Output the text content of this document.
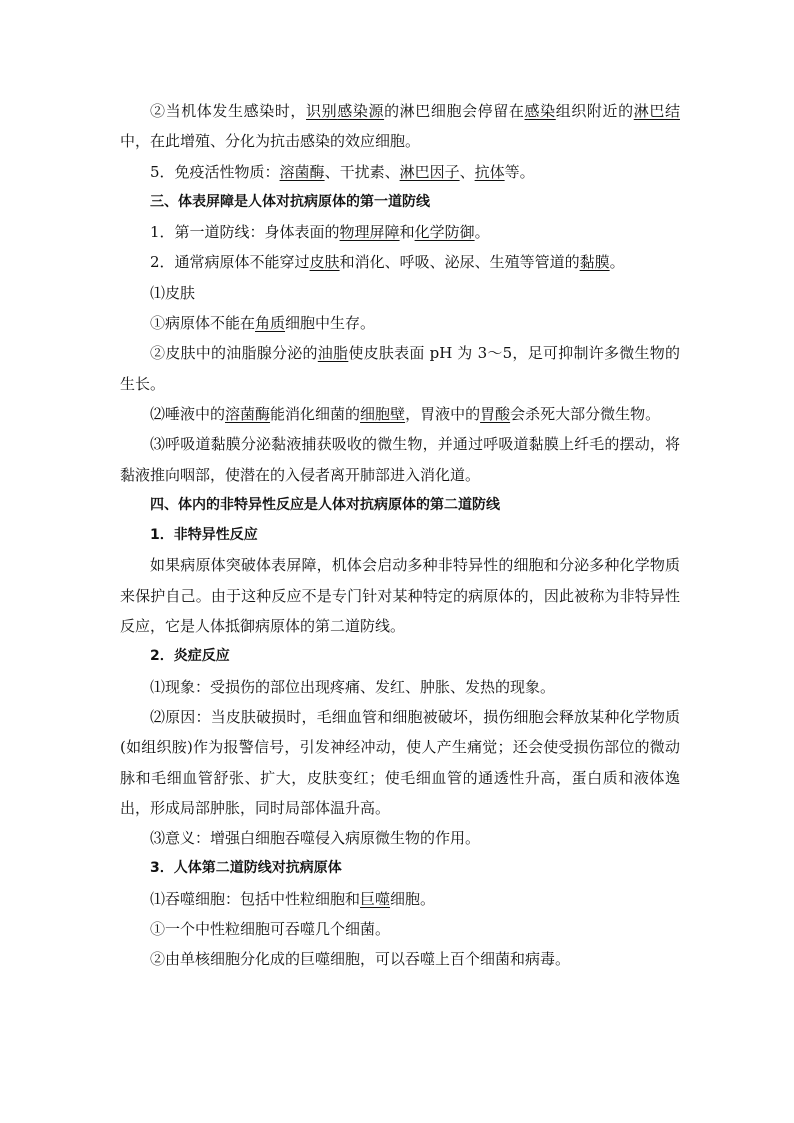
②当机体发生感染时，识别感染源的淋巴细胞会停留在感染组织附近的淋巴结中，在此增殖、分化为抗击感染的效应细胞。

5．免疫活性物质：溶菌酶、干扰素、淋巴因子、抗体等。

三、体表屏障是人体对抗病原体的第一道防线

1．第一道防线：身体表面的物理屏障和化学防御。

2．通常病原体不能穿过皮肤和消化、呼吸、泌尿、生殖等管道的黏膜。

⑴皮肤

①病原体不能在角质细胞中生存。

②皮肤中的油脂腺分泌的油脂使皮肤表面 pH 为 3～5，足可抑制许多微生物的生长。

⑵唾液中的溶菌酶能消化细菌的细胞壁，胃液中的胃酸会杀死大部分微生物。

⑶呼吸道黏膜分泌黏液捕获吸收的微生物，并通过呼吸道黏膜上纤毛的摆动，将黏液推向咽部，使潜在的入侵者离开肺部进入消化道。

四、体内的非特异性反应是人体对抗病原体的第二道防线

1．非特异性反应

如果病原体突破体表屏障，机体会启动多种非特异性的细胞和分泌多种化学物质来保护自己。由于这种反应不是专门针对某种特定的病原体的，因此被称为非特异性反应，它是人体抵御病原体的第二道防线。

2．炎症反应

⑴现象：受损伤的部位出现疼痛、发红、肿胀、发热的现象。

⑵原因：当皮肤破损时，毛细血管和细胞被破坏，损伤细胞会释放某种化学物质(如组织胺)作为报警信号，引发神经冲动，使人产生痛觉；还会使受损伤部位的微动脉和毛细血管舒张、扩大，皮肤变红；使毛细血管的通透性升高，蛋白质和液体逸出，形成局部肿胀，同时局部体温升高。

⑶意义：增强白细胞吞噬侵入病原微生物的作用。

3．人体第二道防线对抗病原体

⑴吞噬细胞：包括中性粒细胞和巨噬细胞。

①一个中性粒细胞可吞噬几个细菌。

②由单核细胞分化成的巨噬细胞，可以吞噬上百个细菌和病毒。
